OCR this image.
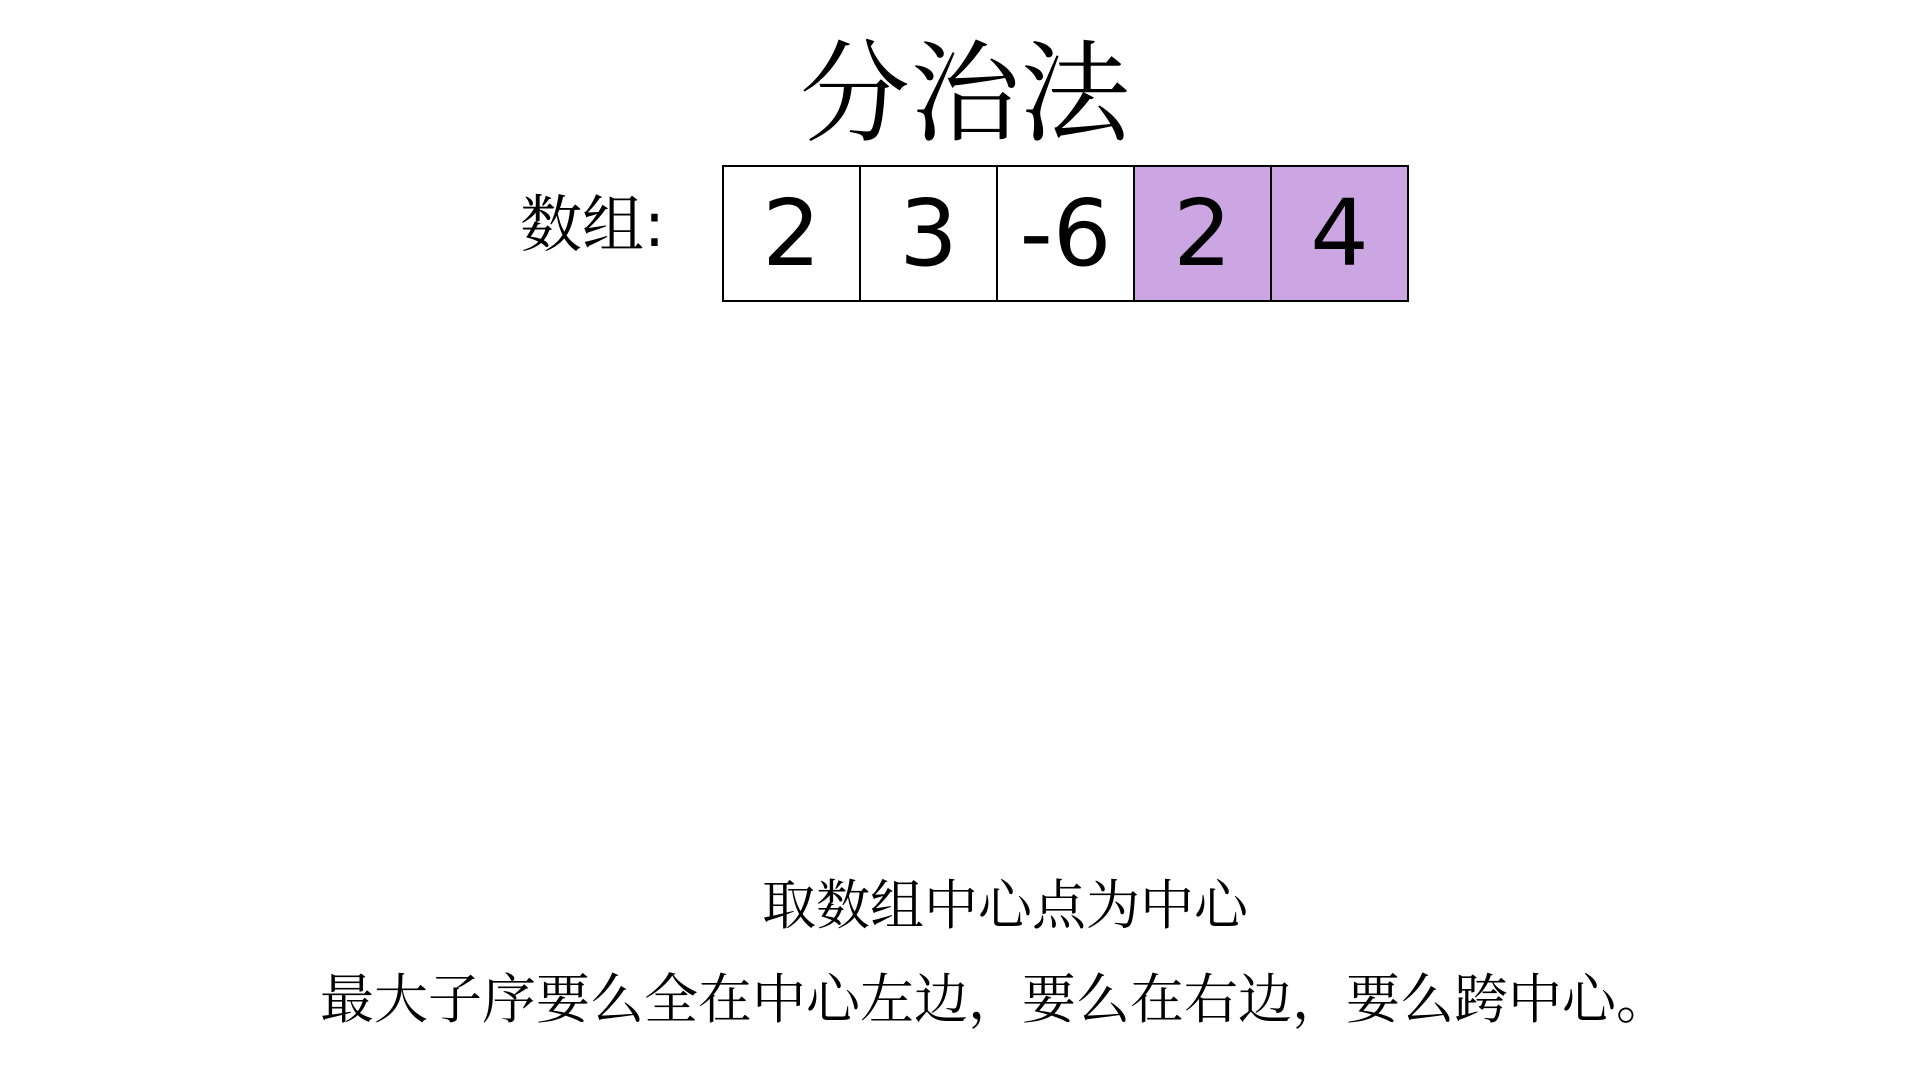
分治法
数组:	2 3 -6 2 4
取数组中心点为中心
最大子序要么全在中心左边，要么在右边，要么跨中心。
